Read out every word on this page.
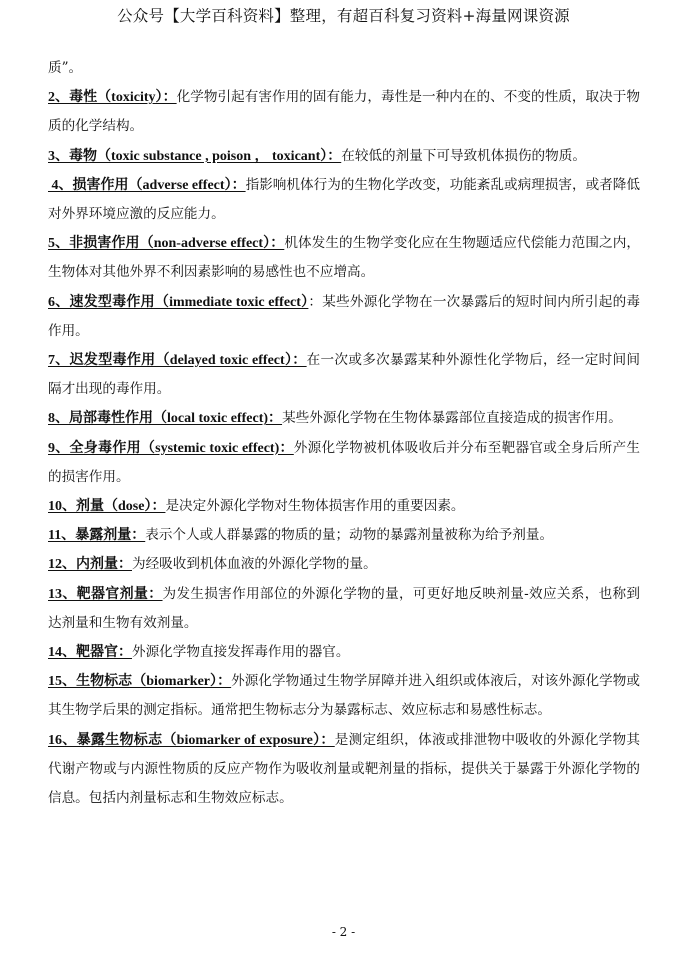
公众号【大学百科资料】整理，有超百科复习资料+海量网课资源

质”。

2、毒性（toxicity）：化学物引起有害作用的固有能力，毒性是一种内在的、不变的性质，取决于物质的化学结构。

3、毒物（toxic substance , poison ， toxicant）：在较低的剂量下可导致机体损伤的物质。

4、损害作用（adverse effect）：指影响机体行为的生物化学改变，功能紊乱或病理损害，或者降低对外界环境应激的反应能力。

5、非损害作用（non-adverse effect）：机体发生的生物学变化应在生物题适应代偿能力范围之内，生物体对其他外界不利因素影响的易感性也不应增高。

6、速发型毒作用（immediate toxic effect）：某些外源化学物在一次暴露后的短时间内所引起的毒作用。

7、迟发型毒作用（delayed toxic effect）：在一次或多次暴露某种外源性化学物后，经一定时间间隔才出现的毒作用。

8、局部毒性作用（local toxic effect)：某些外源化学物在生物体暴露部位直接造成的损害作用。

9、全身毒作用（systemic toxic effect)：外源化学物被机体吸收后并分布至靶器官或全身后所产生的损害作用。

10、剂量（dose）：是决定外源化学物对生物体损害作用的重要因素。

11、暴露剂量：表示个人或人群暴露的物质的量；动物的暴露剂量被称为给予剂量。

12、内剂量：为经吸收到机体血液的外源化学物的量。

13、靶器官剂量：为发生损害作用部位的外源化学物的量，可更好地反映剂量-效应关系，也称到达剂量和生物有效剂量。

14、靶器官：外源化学物直接发挥毒作用的器官。

15、生物标志（biomarker）：外源化学物通过生物学屏障并进入组织或体液后，对该外源化学物或其生物学后果的测定指标。通常把生物标志分为暴露标志、效应标志和易感性标志。

16、暴露生物标志（biomarker of exposure）：是测定组织，体液或排泄物中吸收的外源化学物其代谢产物或与内源性物质的反应产物作为吸收剂量或靶剂量的指标，提供关于暴露于外源化学物的信息。包括内剂量标志和生物效应标志。

- 2 -
